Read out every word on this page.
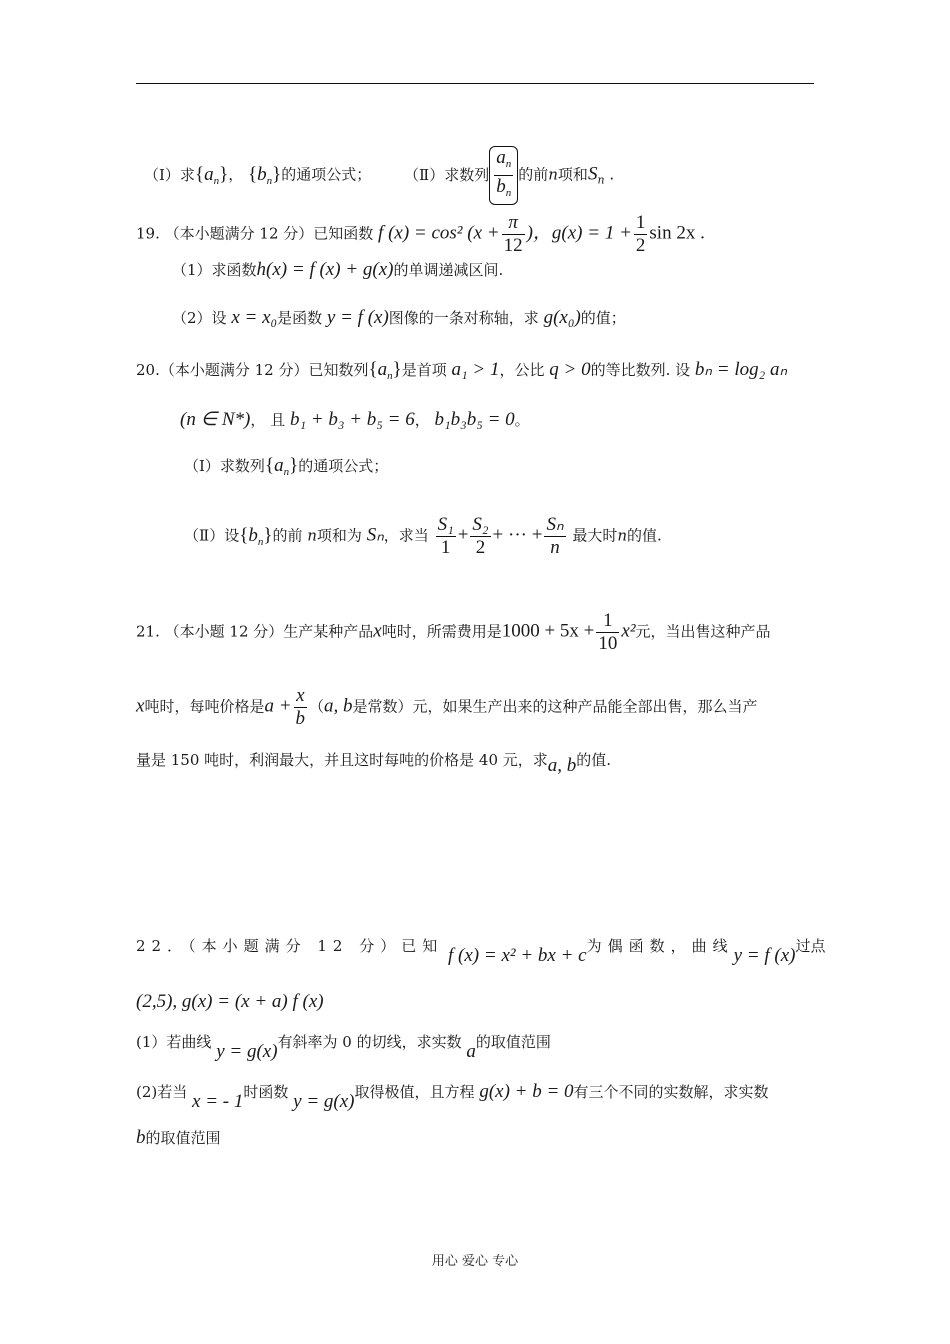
（Ⅰ）求$\{a_n\}$， $\{b_n\}$的通项公式； （Ⅱ）求数列 $\frac{a_n}{b_n}$ 的前n项和$S_n$ .
19. （本小题满分 12 分）已知函数 f (x) = cos² ($x + \frac{\pi}{12}$ )，$g(x) = 1 + \frac{1}{2}$ sin 2x .
（1）求函数h(x) = f (x) + g(x)的单调递减区间.
（2）设 x = x₀是函数 y = f (x)图像的一条对称轴，求 g(x₀)的值；
20.（本小题满分 12 分）已知数列$\{a_n\}$是首项 a₁ > 1，公比 q > 0的等比数列. 设 bₙ = log₂ aₙ
(n ∈ N*)， 且 b₁ + b₃ + b₅ = 6， b₁b₃b₅ = 0。
（Ⅰ）求数列$\{a_n\}$的通项公式；
（Ⅱ）设$\{b_n\}$的前 n项和为 Sₙ，求当 $\frac{\text{S₁}}{1} + \frac{\text{S₂}}{2}$ + ··· + $\frac{\text{Sₙ}}{n}$ 最大时n的值.
21. （本小题 12 分）生产某种产品x吨时，所需费用是$1000 + 5x + \frac{1}{10} x^2$元，当出售这种产品
x吨时，每吨价格是$a + \frac{x}{b} (a$, b是常数）元，如果生产出来的这种产品能全部出售，那么当产
量是 150 吨时，利润最大，并且这时每吨的价格是 40 元，求a, b的值.
22．（本小题满分 12 分）已知 f (x) = x² + bx + c为偶函数，曲线y = f (x)过点
(2,5), g(x) = (x + a) f (x)
(1）若曲线 y = g(x)有斜率为 0 的切线，求实数 a的取值范围
(2)若当 x = - 1时函数 y = g(x)取得极值，且方程 g(x) + b = 0有三个不同的实数解，求实数
b的取值范围
用心 爱心 专心
